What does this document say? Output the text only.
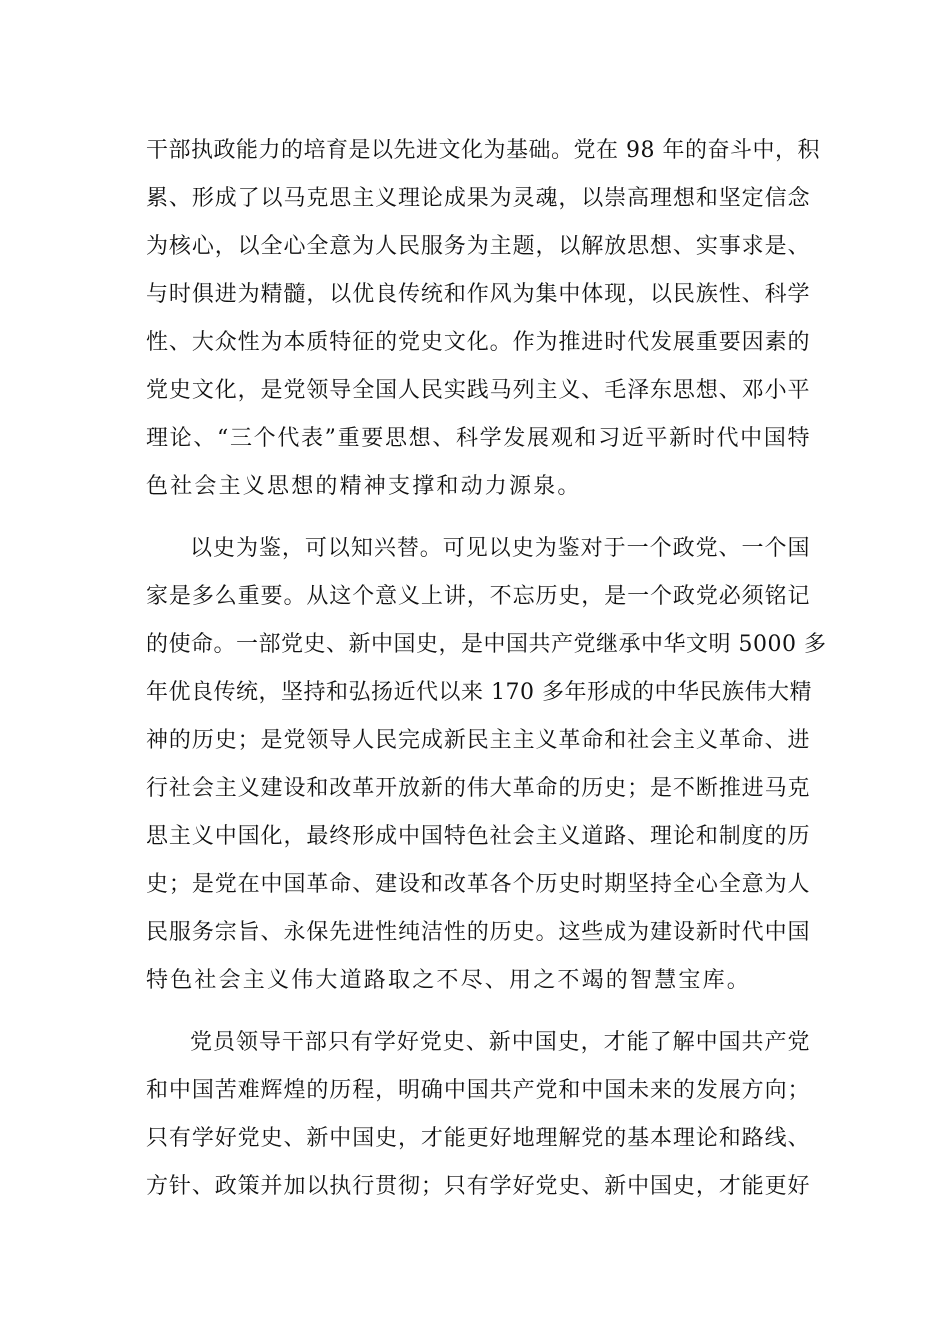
干部执政能力的培育是以先进文化为基础。党在 98 年的奋斗中，积
累、形成了以马克思主义理论成果为灵魂，以崇高理想和坚定信念
为核心，以全心全意为人民服务为主题，以解放思想、实事求是、
与时俱进为精髓，以优良传统和作风为集中体现，以民族性、科学
性、大众性为本质特征的党史文化。作为推进时代发展重要因素的
党史文化，是党领导全国人民实践马列主义、毛泽东思想、邓小平
理论、“三个代表”重要思想、科学发展观和习近平新时代中国特
色社会主义思想的精神支撑和动力源泉。
以史为鉴，可以知兴替。可见以史为鉴对于一个政党、一个国
家是多么重要。从这个意义上讲，不忘历史，是一个政党必须铭记
的使命。一部党史、新中国史，是中国共产党继承中华文明 5000 多
年优良传统，坚持和弘扬近代以来 170 多年形成的中华民族伟大精
神的历史；是党领导人民完成新民主主义革命和社会主义革命、进
行社会主义建设和改革开放新的伟大革命的历史；是不断推进马克
思主义中国化，最终形成中国特色社会主义道路、理论和制度的历
史；是党在中国革命、建设和改革各个历史时期坚持全心全意为人
民服务宗旨、永保先进性纯洁性的历史。这些成为建设新时代中国
特色社会主义伟大道路取之不尽、用之不竭的智慧宝库。
党员领导干部只有学好党史、新中国史，才能了解中国共产党
和中国苦难辉煌的历程，明确中国共产党和中国未来的发展方向；
只有学好党史、新中国史，才能更好地理解党的基本理论和路线、
方针、政策并加以执行贯彻；只有学好党史、新中国史，才能更好
